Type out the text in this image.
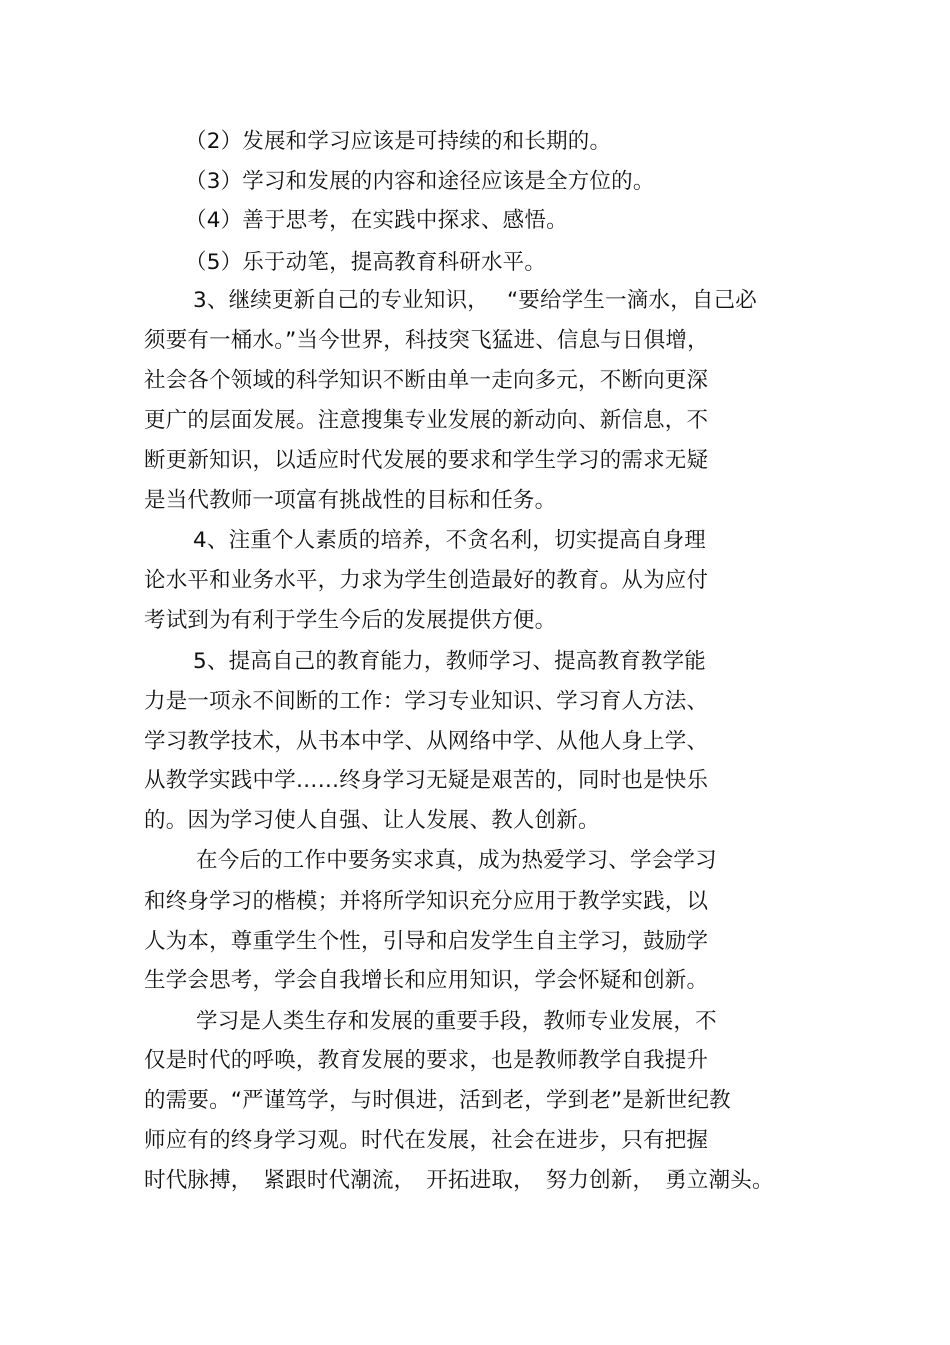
（2）发展和学习应该是可持续的和长期的。
（3）学习和发展的内容和途径应该是全方位的。
（4）善于思考，在实践中探求、感悟。
（5）乐于动笔，提高教育科研水平。
3、继续更新自己的专业知识，　 “要给学生一滴水，自己必
须要有一桶水。”当今世界，科技突飞猛进、信息与日俱增，
社会各个领域的科学知识不断由单一走向多元，不断向更深
更广的层面发展。注意搜集专业发展的新动向、新信息，不
断更新知识，以适应时代发展的要求和学生学习的需求无疑
是当代教师一项富有挑战性的目标和任务。
4、注重个人素质的培养，不贪名利，切实提高自身理
论水平和业务水平，力求为学生创造最好的教育。从为应付
考试到为有利于学生今后的发展提供方便。
5、提高自己的教育能力，教师学习、提高教育教学能
力是一项永不间断的工作：学习专业知识、学习育人方法、
学习教学技术，从书本中学、从网络中学、从他人身上学、
从教学实践中学……终身学习无疑是艰苦的，同时也是快乐
的。因为学习使人自强、让人发展、教人创新。
在今后的工作中要务实求真，成为热爱学习、学会学习
和终身学习的楷模；并将所学知识充分应用于教学实践，以
人为本，尊重学生个性，引导和启发学生自主学习，鼓励学
生学会思考，学会自我增长和应用知识，学会怀疑和创新。
学习是人类生存和发展的重要手段，教师专业发展，不
仅是时代的呼唤，教育发展的要求，也是教师教学自我提升
的需要。“严谨笃学，与时俱进，活到老，学到老”是新世纪教
师应有的终身学习观。时代在发展，社会在进步，只有把握
时代脉搏，　紧跟时代潮流，　开拓进取，　努力创新，　勇立潮头。
